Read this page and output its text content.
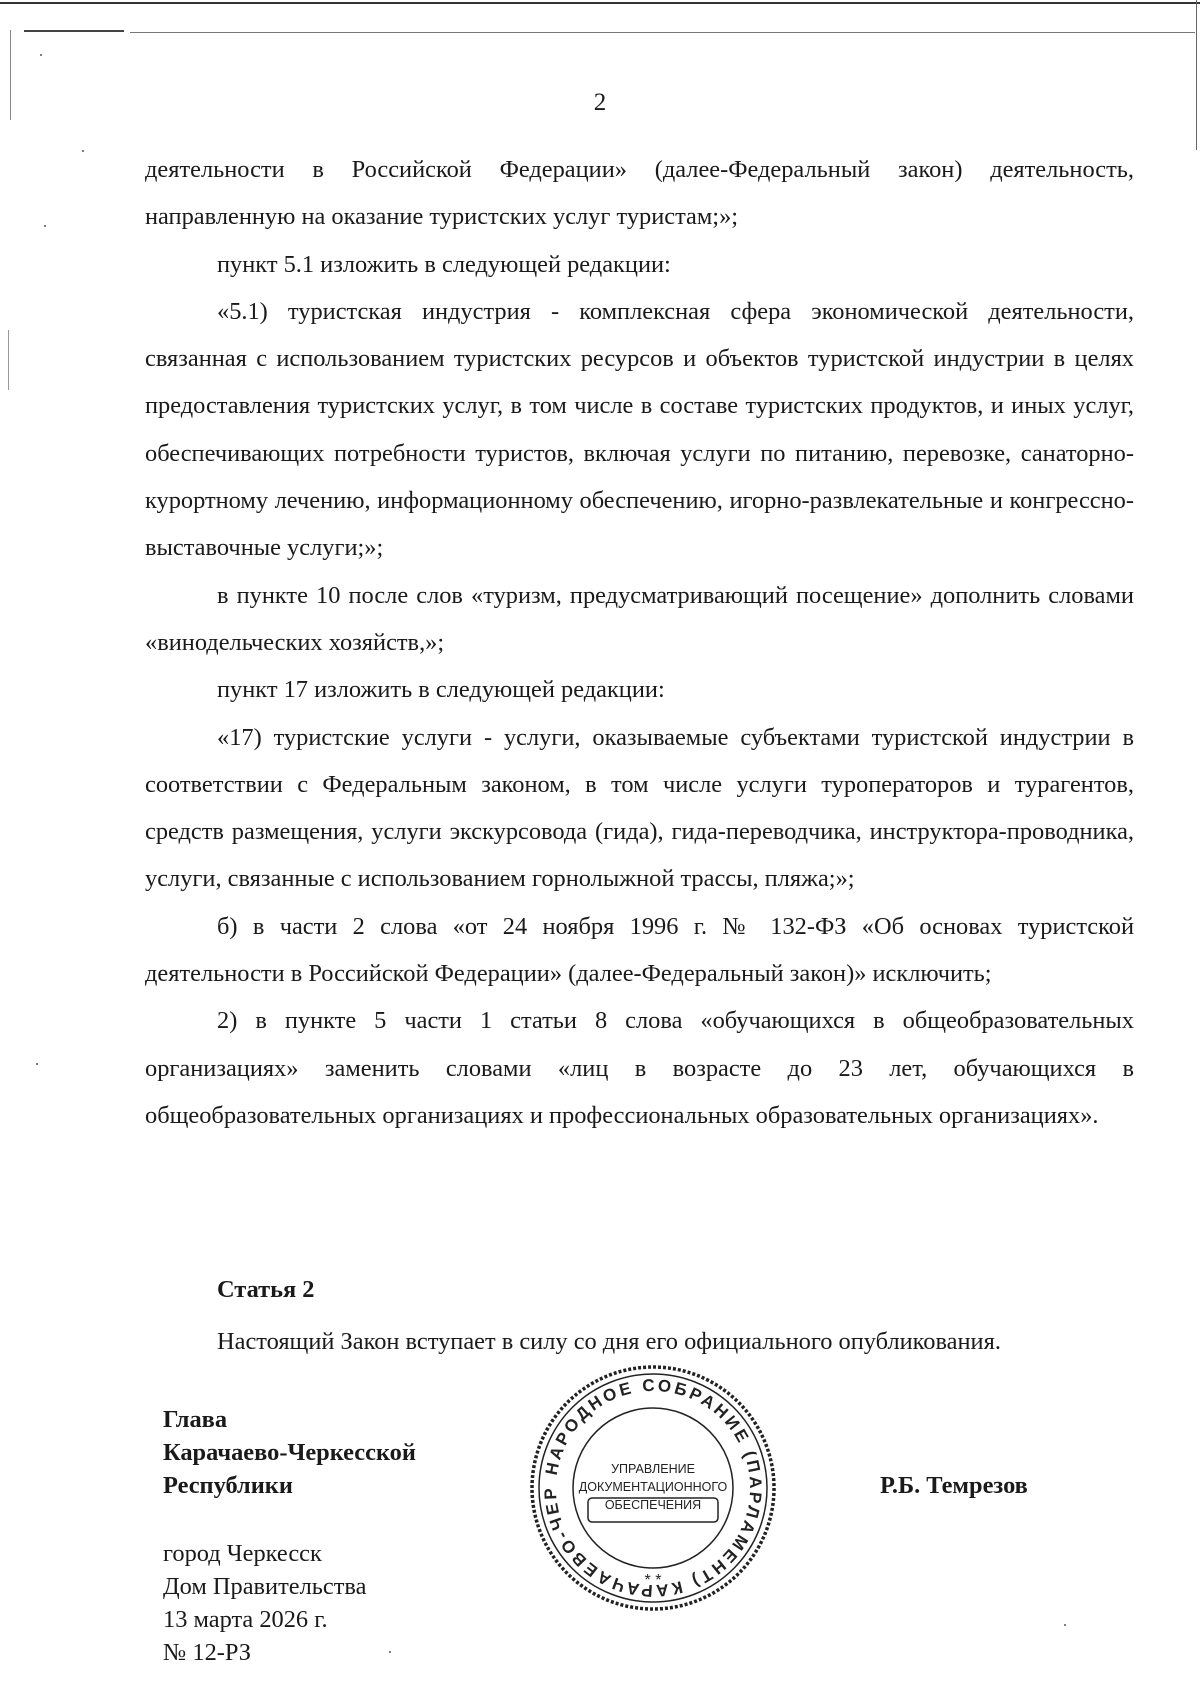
2

деятельности в Российской Федерации» (далее-Федеральный закон) деятельность, направленную на оказание туристских услуг туристам;»;

пункт 5.1 изложить в следующей редакции:

«5.1) туристская индустрия - комплексная сфера экономической деятельности, связанная с использованием туристских ресурсов и объектов туристской индустрии в целях предоставления туристских услуг, в том числе в составе туристских продуктов, и иных услуг, обеспечивающих потребности туристов, включая услуги по питанию, перевозке, санаторно-курортному лечению, информационному обеспечению, игорно-развлекательные и конгрессно-выставочные услуги;»;

в пункте 10 после слов «туризм, предусматривающий посещение» дополнить словами «винодельческих хозяйств,»;

пункт 17 изложить в следующей редакции:

«17) туристские услуги - услуги, оказываемые субъектами туристской индустрии в соответствии с Федеральным законом, в том числе услуги туроператоров и турагентов, средств размещения, услуги экскурсовода (гида), гида-переводчика, инструктора-проводника, услуги, связанные с использованием горнолыжной трассы, пляжа;»;

б) в части 2 слова «от 24 ноября 1996 г. № 132-ФЗ «Об основах туристской деятельности в Российской Федерации» (далее-Федеральный закон)» исключить;

2) в пункте 5 части 1 статьи 8 слова «обучающихся в общеобразовательных организациях» заменить словами «лиц в возрасте до 23 лет, обучающихся в общеобразовательных организациях и профессиональных образовательных организациях».

Статья 2
Настоящий Закон вступает в силу со дня его официального опубликования.
Глава
Карачаево-Черкесской
Республики
НАРОДНОЕ СОБРАНИЕ (ПАРЛАМЕНТ) КАРАЧАЕВО-ЧЕР
УПРАВЛЕНИЕ
ДОКУМЕНТАЦИОННОГО
ОБЕСПЕЧЕНИЯ
* *
Р.Б. Темрезов
город Черкесск
Дом Правительства
13 марта 2026 г.
№ 12-РЗ
